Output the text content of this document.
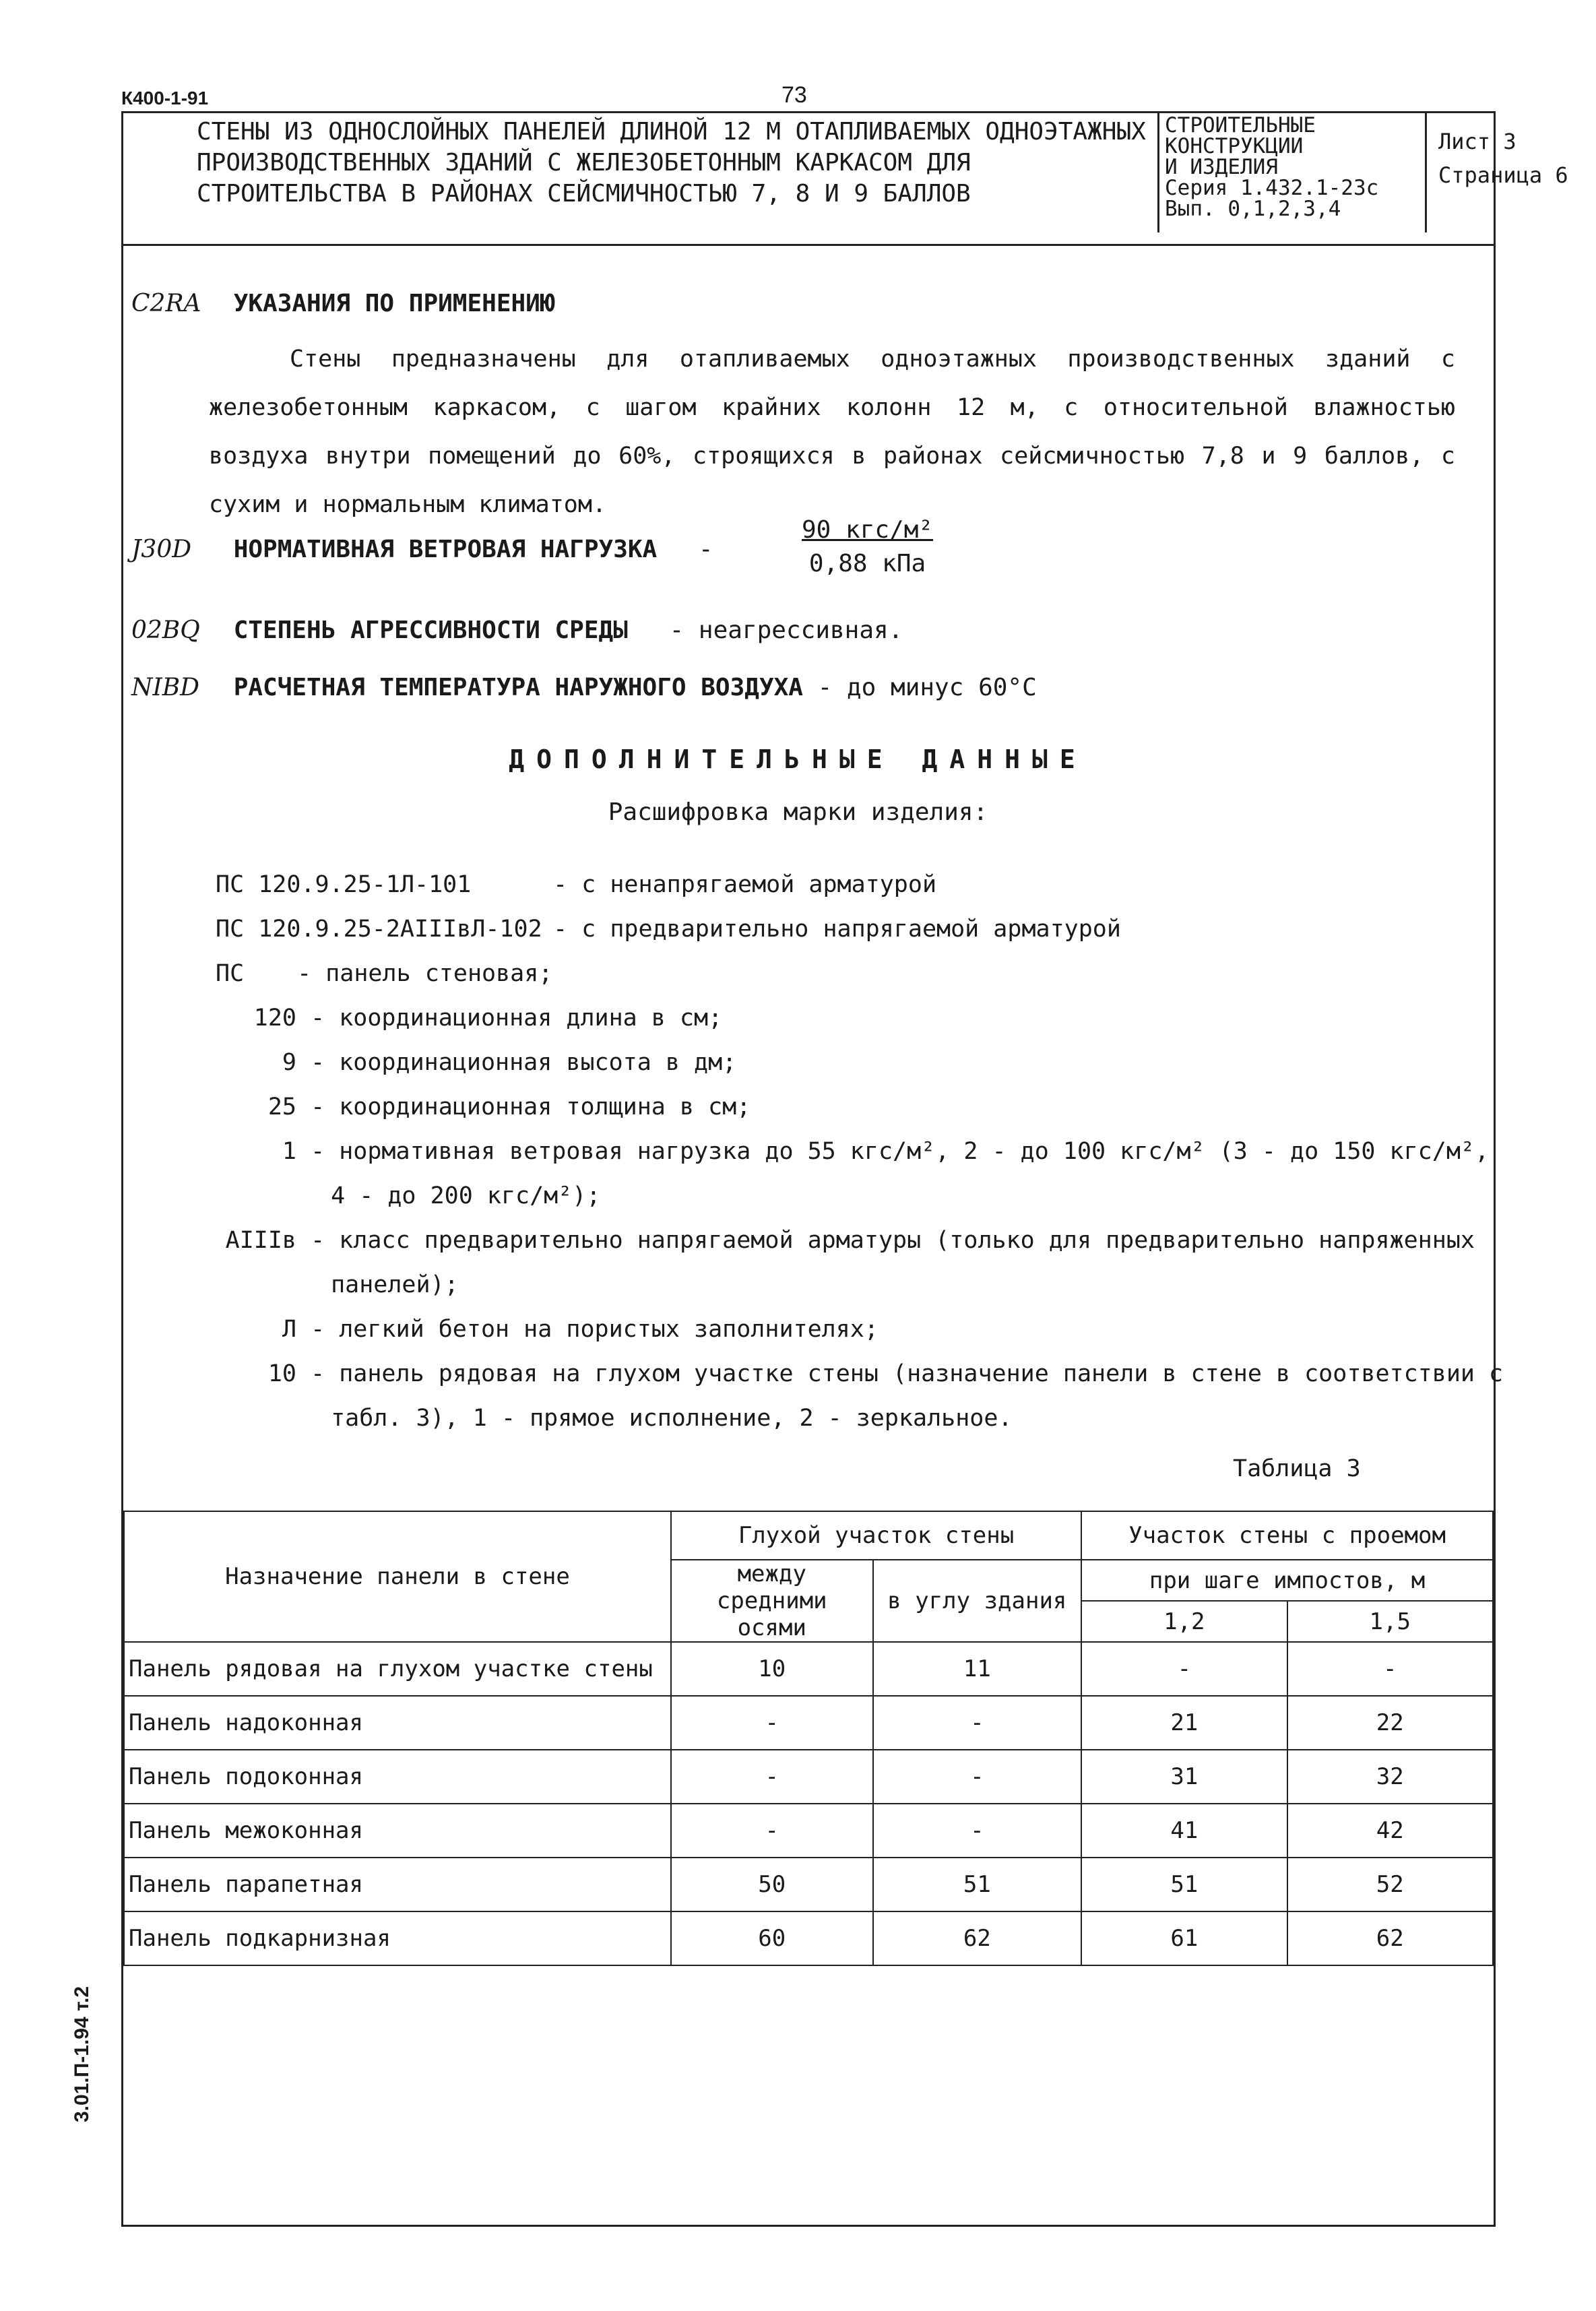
К400-1-91	73
СТЕНЫ ИЗ ОДНОСЛОЙНЫХ ПАНЕЛЕЙ ДЛИНОЙ 12 М ОТАПЛИВАЕМЫХ ОДНОЭТАЖНЫХ ПРОИЗВОДСТВЕННЫХ ЗДАНИЙ С ЖЕЛЕЗОБЕТОННЫМ КАРКАСОМ ДЛЯ СТРОИТЕЛЬСТВА В РАЙОНАХ СЕЙСМИЧНОСТЬЮ 7, 8 И 9 БАЛЛОВ
СТРОИТЕЛЬНЫЕ
КОНСТРУКЦИИ
И ИЗДЕЛИЯ
Серия 1.432.1-23с
Вып. 0,1,2,3,4
Лист 3
Страница 6
C2RA УКАЗАНИЯ ПО ПРИМЕНЕНИЮ
Стены предназначены для отапливаемых одноэтажных производственных зданий с железобетонным каркасом, с шагом крайних колонн 12 м, с относительной влажностью воздуха внутри помещений до 60%, строящихся в районах сейсмичностью 7,8 и 9 баллов, с сухим и нормальным климатом.
J30D НОРМАТИВНАЯ ВЕТРОВАЯ НАГРУЗКА -
90 кгс/м²
0,88 кПа
02BQ СТЕПЕНЬ АГРЕССИВНОСТИ СРЕДЫ - неагрессивная.
NIBD РАСЧЕТНАЯ ТЕМПЕРАТУРА НАРУЖНОГО ВОЗДУХА - до минус 60°С
ДОПОЛНИТЕЛЬНЫЕ ДАННЫЕ
Расшифровка марки изделия:
ПС 120.9.25-1Л-101	- с ненапрягаемой арматурой
ПС 120.9.25-2АIIIвЛ-102 - с предварительно напрягаемой арматурой
ПС - панель стеновая;
120 - координационная длина в см;
9 - координационная высота в дм;
25 - координационная толщина в см;
1 - нормативная ветровая нагрузка до 55 кгс/м², 2 - до 100 кгс/м² (3 - до 150 кгс/м²,
4 - до 200 кгс/м²);
АIIIв - класс предварительно напрягаемой арматуры (только для предварительно напряженных
панелей);
Л - легкий бетон на пористых заполнителях;
10 - панель рядовая на глухом участке стены (назначение панели в стене в соответствии с
табл. 3), 1 - прямое исполнение, 2 - зеркальное.
Таблица 3
Назначение панели в стене	Глухой участок стены		Участок стены с проемом	
	между средними осями	в углу здания	при шаге импостов, м	
			1,2	1,5
Панель рядовая на глухом участке стены	10	11	-	-
Панель надоконная	-	-	21	22
Панель подоконная	-	-	31	32
Панель межоконная	-	-	41	42
Панель парапетная	50	51	51	52
Панель подкарнизная	60	62	61	62
3.01.П-1.94 т.2
